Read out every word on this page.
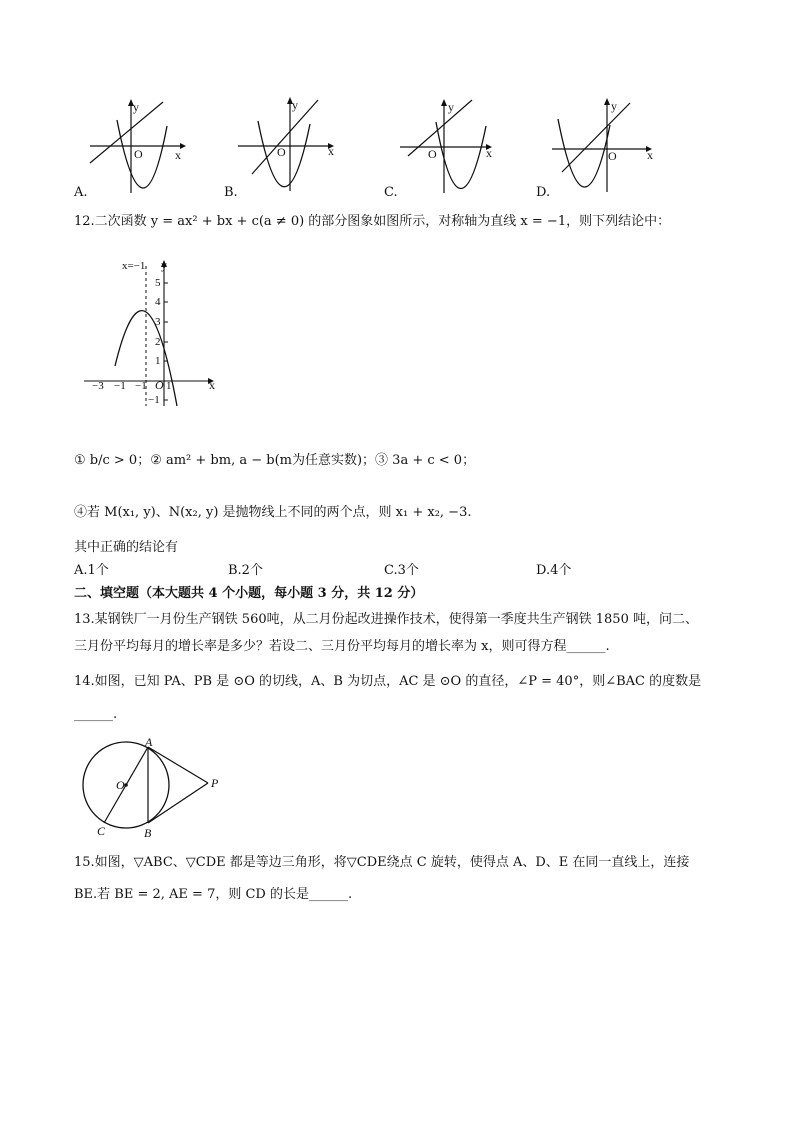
y
x
O
A.
y
x
O
B.
y
x
O
C.
y
x
O
D.
12.二次函数 y = ax² + bx + c(a ≠ 0) 的部分图象如图所示，对称轴为直线 x = −1，则下列结论中：
x=−1 y
x
O
5
4
3
2
1
−1
−3 −1 −1 1
① b/c > 0；② am² + bm, a − b(m为任意实数)；③ 3a + c < 0；
④若 M(x₁, y)、N(x₂, y) 是抛物线上不同的两个点，则 x₁ + x₂, −3.
其中正确的结论有
A.1个	B.2个	C.3个	D.4个
二、填空题（本大题共 4 个小题，每小题 3 分，共 12 分）
13.某钢铁厂一月份生产钢铁 560吨，从二月份起改进操作技术，使得第一季度共生产钢铁 1850 吨，问二、
三月份平均每月的增长率是多少？若设二、三月份平均每月的增长率为 x，则可得方程______.
14.如图，已知 PA、PB 是 ⊙O 的切线，A、B 为切点，AC 是 ⊙O 的直径，∠P = 40°，则∠BAC 的度数是
______.
A
O	P
C	B
15.如图，▽ABC、▽CDE 都是等边三角形，将▽CDE绕点 C 旋转，使得点 A、D、E 在同一直线上，连接
BE.若 BE = 2, AE = 7，则 CD 的长是______.
